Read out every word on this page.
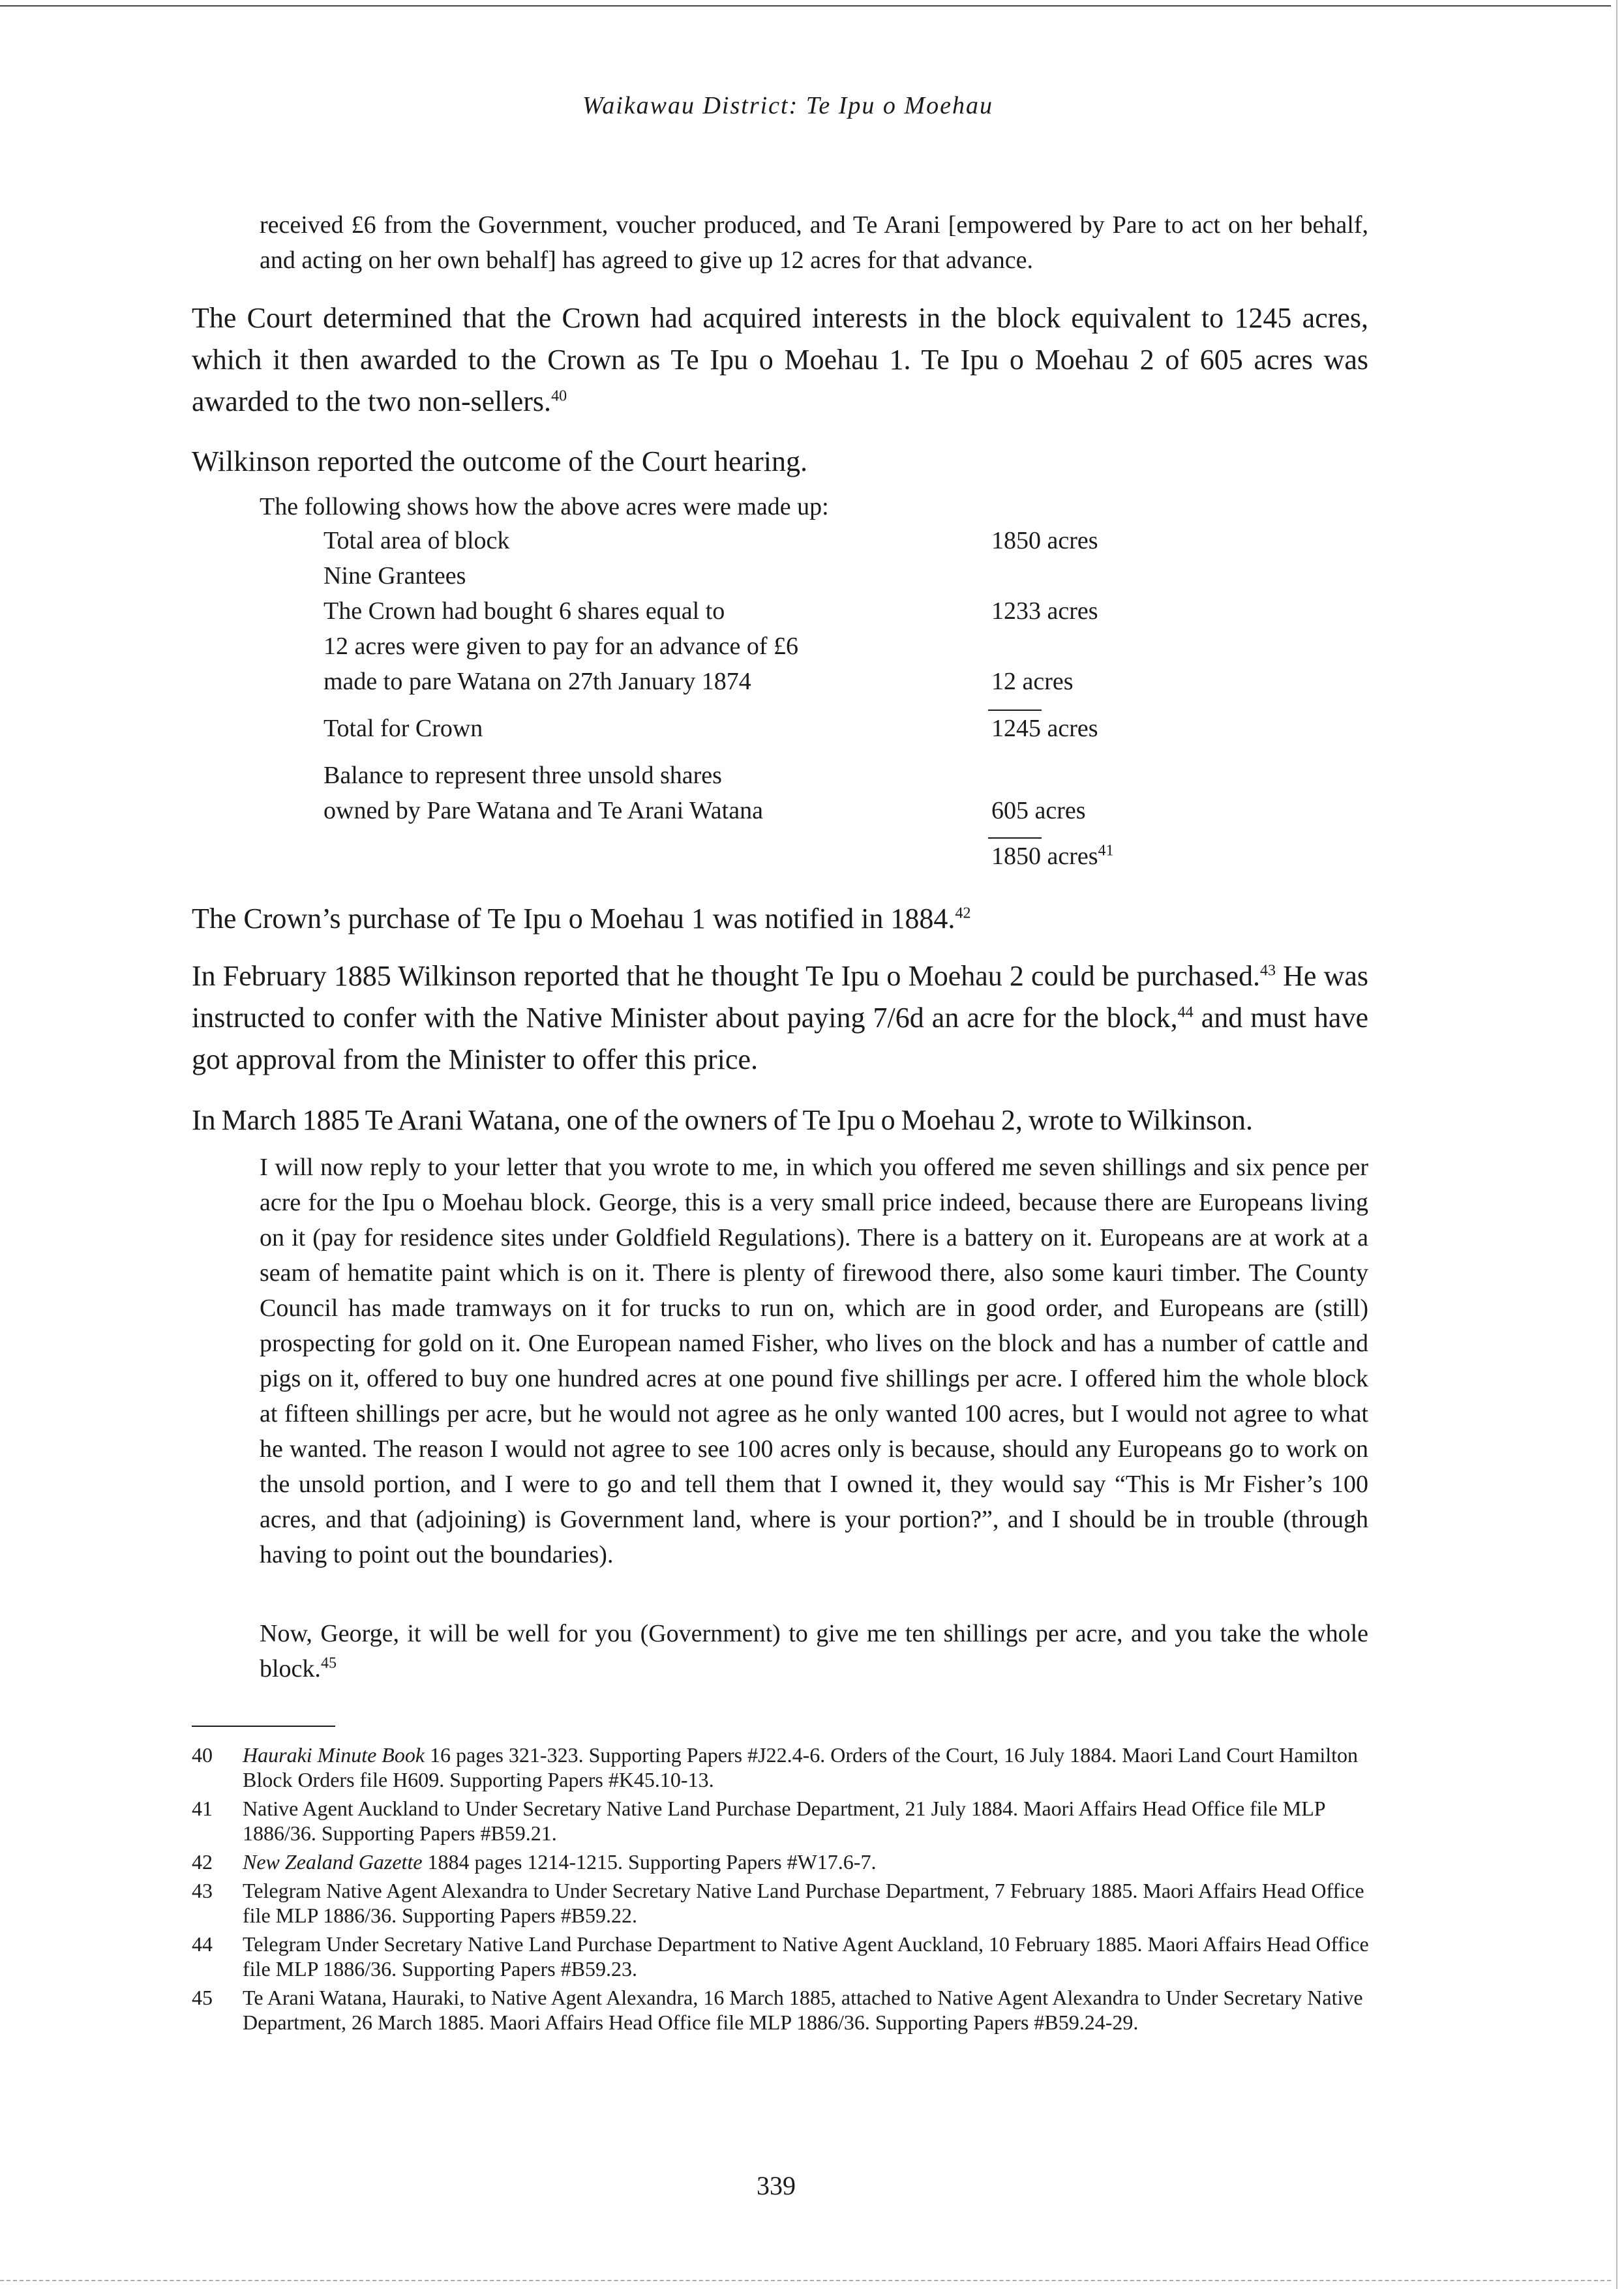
Waikawau District: Te Ipu o Moehau
received £6 from the Government, voucher produced, and Te Arani [empowered by Pare to act on her behalf, and acting on her own behalf] has agreed to give up 12 acres for that advance.
The Court determined that the Crown had acquired interests in the block equivalent to 1245 acres, which it then awarded to the Crown as Te Ipu o Moehau 1. Te Ipu o Moehau 2 of 605 acres was awarded to the two non-sellers.$^{40}$
Wilkinson reported the outcome of the Court hearing.
The following shows how the above acres were made up:
Total area of block	1850 acres
Nine Grantees
The Crown had bought 6 shares equal to	1233 acres
12 acres were given to pay for an advance of £6
made to pare Watana on 27th January 1874	12 acres
Total for Crown	1245 acres
Balance to represent three unsold shares
owned by Pare Watana and Te Arani Watana	605 acres
1850 acres$^{41}$
The Crown’s purchase of Te Ipu o Moehau 1 was notified in 1884.42
In February 1885 Wilkinson reported that he thought Te Ipu o Moehau 2 could be purchased.$^{43}$ He was instructed to confer with the Native Minister about paying 7/6d an acre for the block,$^{44}$ and must have got approval from the Minister to offer this price.
In March 1885 Te Arani Watana, one of the owners of Te Ipu o Moehau 2, wrote to Wilkinson.
I will now reply to your letter that you wrote to me, in which you offered me seven shillings and six pence per acre for the Ipu o Moehau block. George, this is a very small price indeed, because there are Europeans living on it (pay for residence sites under Goldfield Regulations). There is a battery on it. Europeans are at work at a seam of hematite paint which is on it. There is plenty of firewood there, also some kauri timber. The County Council has made tramways on it for trucks to run on, which are in good order, and Europeans are (still) prospecting for gold on it. One European named Fisher, who lives on the block and has a number of cattle and pigs on it, offered to buy one hundred acres at one pound five shillings per acre. I offered him the whole block at fifteen shillings per acre, but he would not agree as he only wanted 100 acres, but I would not agree to what he wanted. The reason I would not agree to see 100 acres only is because, should any Europeans go to work on the unsold portion, and I were to go and tell them that I owned it, they would say “This is Mr Fisher’s 100 acres, and that (adjoining) is Government land, where is your portion?”, and I should be in trouble (through having to point out the boundaries).
Now, George, it will be well for you (Government) to give me ten shillings per acre, and you take the whole block.$^{45}$
40 Hauraki Minute Book 16 pages 321-323. Supporting Papers #J22.4-6. Orders of the Court, 16 July 1884. Maori Land Court Hamilton Block Orders file H609. Supporting Papers #K45.10-13.
41 Native Agent Auckland to Under Secretary Native Land Purchase Department, 21 July 1884. Maori Affairs Head Office file MLP 1886/36. Supporting Papers #B59.21.
42 New Zealand Gazette 1884 pages 1214-1215. Supporting Papers #W17.6-7.
43 Telegram Native Agent Alexandra to Under Secretary Native Land Purchase Department, 7 February 1885. Maori Affairs Head Office file MLP 1886/36. Supporting Papers #B59.22.
44 Telegram Under Secretary Native Land Purchase Department to Native Agent Auckland, 10 February 1885. Maori Affairs Head Office file MLP 1886/36. Supporting Papers #B59.23.
45 Te Arani Watana, Hauraki, to Native Agent Alexandra, 16 March 1885, attached to Native Agent Alexandra to Under Secretary Native Department, 26 March 1885. Maori Affairs Head Office file MLP 1886/36. Supporting Papers #B59.24-29.
339
